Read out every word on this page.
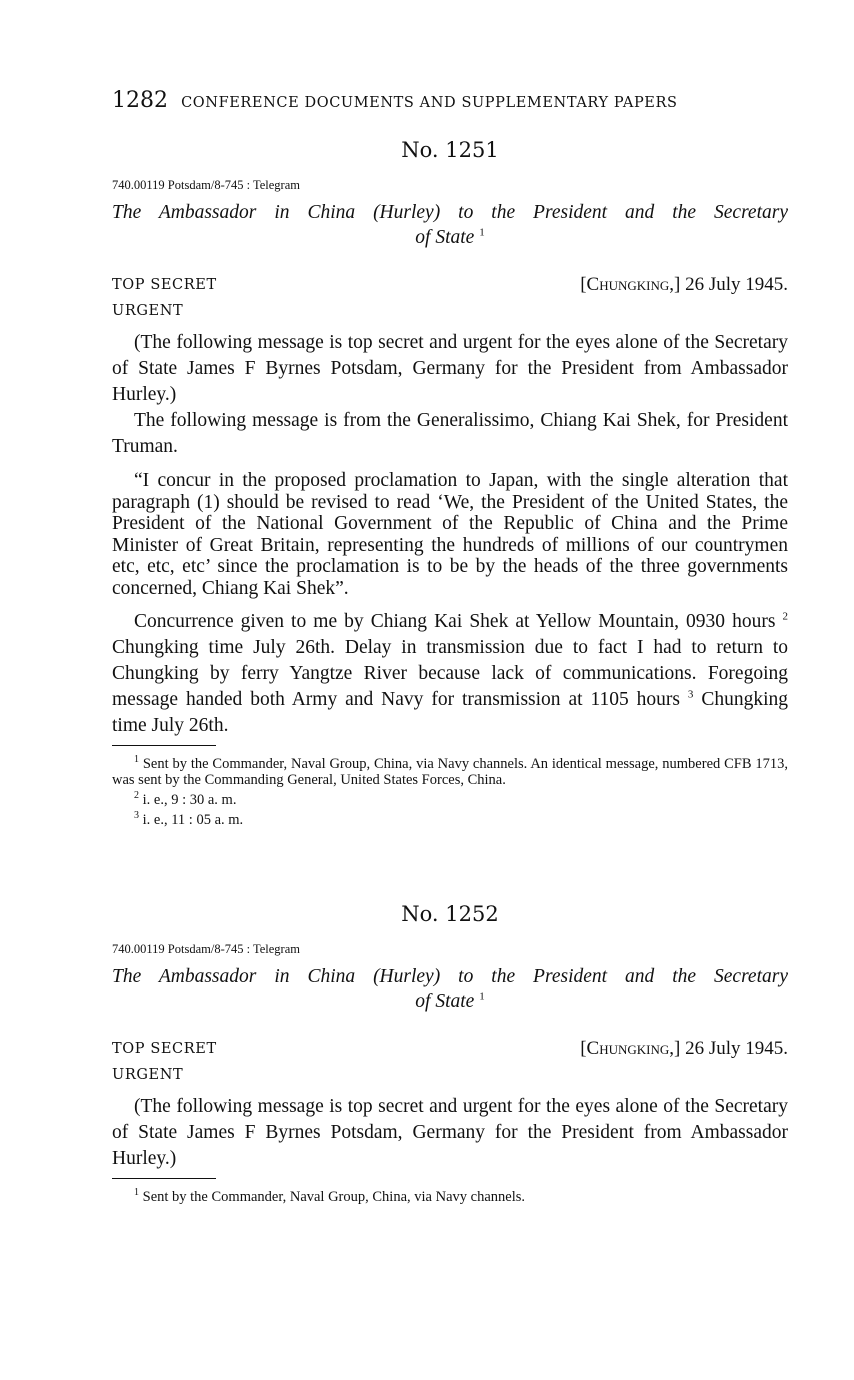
1282 CONFERENCE DOCUMENTS AND SUPPLEMENTARY PAPERS

No. 1251

740.00119 Potsdam/8-745 : Telegram

The Ambassador in China (Hurley) to the President and the Secretary
of State $^1$

TOP SECRET
URGENT
[Chungking,] 26 July 1945.

(The following message is top secret and urgent for the eyes alone of the Secretary of State James F Byrnes Potsdam, Germany for the President from Ambassador Hurley.)

The following message is from the Generalissimo, Chiang Kai Shek, for President Truman.

“I concur in the proposed proclamation to Japan, with the single alteration that paragraph (1) should be revised to read ‘We, the President of the United States, the President of the National Government of the Republic of China and the Prime Minister of Great Britain, representing the hundreds of millions of our countrymen etc, etc, etc’ since the proclamation is to be by the heads of the three governments concerned, Chiang Kai Shek”.

Concurrence given to me by Chiang Kai Shek at Yellow Mountain, 0930 hours $^2$ Chungking time July 26th. Delay in transmission due to fact I had to return to Chungking by ferry Yangtze River because lack of communications. Foregoing message handed both Army and Navy for transmission at 1105 hours $^3$ Chungking time July 26th.

$^1$ Sent by the Commander, Naval Group, China, via Navy channels. An identical message, numbered CFB 1713, was sent by the Commanding General, United States Forces, China.

$^2$ i. e., 9 : 30 a. m.

$^3$ i. e., 11 : 05 a. m.

No. 1252

740.00119 Potsdam/8-745 : Telegram

The Ambassador in China (Hurley) to the President and the Secretary
of State $^1$

TOP SECRET
URGENT
[Chungking,] 26 July 1945.

(The following message is top secret and urgent for the eyes alone of the Secretary of State James F Byrnes Potsdam, Germany for the President from Ambassador Hurley.)

$^1$ Sent by the Commander, Naval Group, China, via Navy channels.
